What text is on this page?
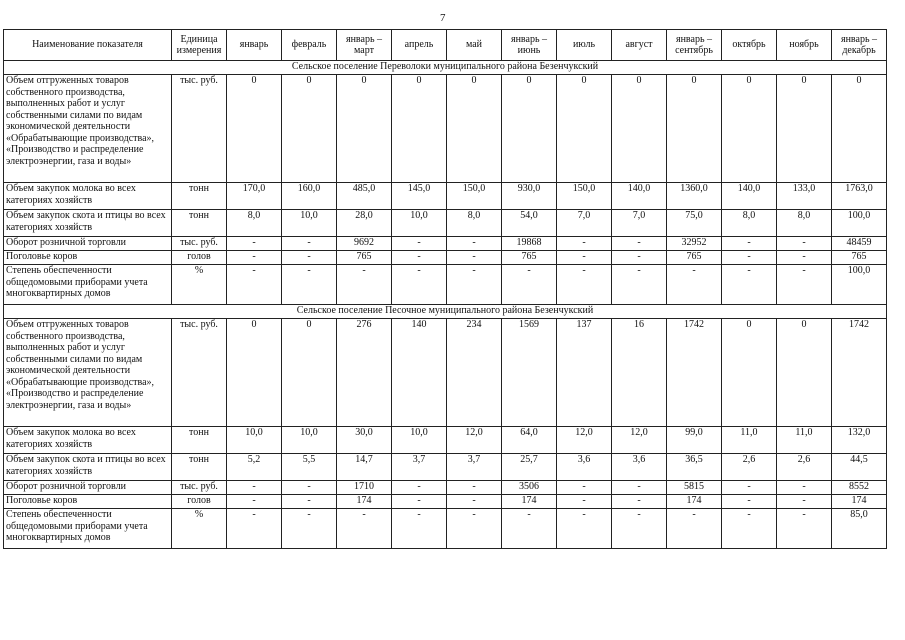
7
Наименование показателя	Единица измерения	январь	февраль	январь – март	апрель	май	январь – июнь	июль	август	январь – сентябрь	октябрь	ноябрь	январь – декабрь
Сельское поселение Переволоки муниципального района Безенчукский													
Объем отгруженных товаров собственного производства, выполненных работ и услуг собственными силами по видам экономической деятельности «Обрабатывающие производства», «Производство и распределение электроэнергии, газа и воды»	тыс. руб.	0	0	0	0	0	0	0	0	0	0	0	0
Объем закупок молока во всех категориях хозяйств	тонн	170,0	160,0	485,0	145,0	150,0	930,0	150,0	140,0	1360,0	140,0	133,0	1763,0
Объем закупок скота и птицы во всех категориях хозяйств	тонн	8,0	10,0	28,0	10,0	8,0	54,0	7,0	7,0	75,0	8,0	8,0	100,0
Оборот розничной торговли	тыс. руб.	-	-	9692	-	-	19868	-	-	32952	-	-	48459
Поголовье коров	голов	-	-	765	-	-	765	-	-	765	-	-	765
Степень обеспеченности общедомовыми приборами учета многоквартирных домов	%	-	-	-	-	-	-	-	-	-	-	-	100,0
Сельское поселение Песочное муниципального района Безенчукский													
Объем отгруженных товаров собственного производства, выполненных работ и услуг собственными силами по видам экономической деятельности «Обрабатывающие производства», «Производство и распределение электроэнергии, газа и воды»	тыс. руб.	0	0	276	140	234	1569	137	16	1742	0	0	1742
Объем закупок молока во всех категориях хозяйств	тонн	10,0	10,0	30,0	10,0	12,0	64,0	12,0	12,0	99,0	11,0	11,0	132,0
Объем закупок скота и птицы во всех категориях хозяйств	тонн	5,2	5,5	14,7	3,7	3,7	25,7	3,6	3,6	36,5	2,6	2,6	44,5
Оборот розничной торговли	тыс. руб.	-	-	1710	-	-	3506	-	-	5815	-	-	8552
Поголовье коров	голов	-	-	174	-	-	174	-	-	174	-	-	174
Степень обеспеченности общедомовыми приборами учета многоквартирных домов	%	-	-	-	-	-	-	-	-	-	-	-	85,0
